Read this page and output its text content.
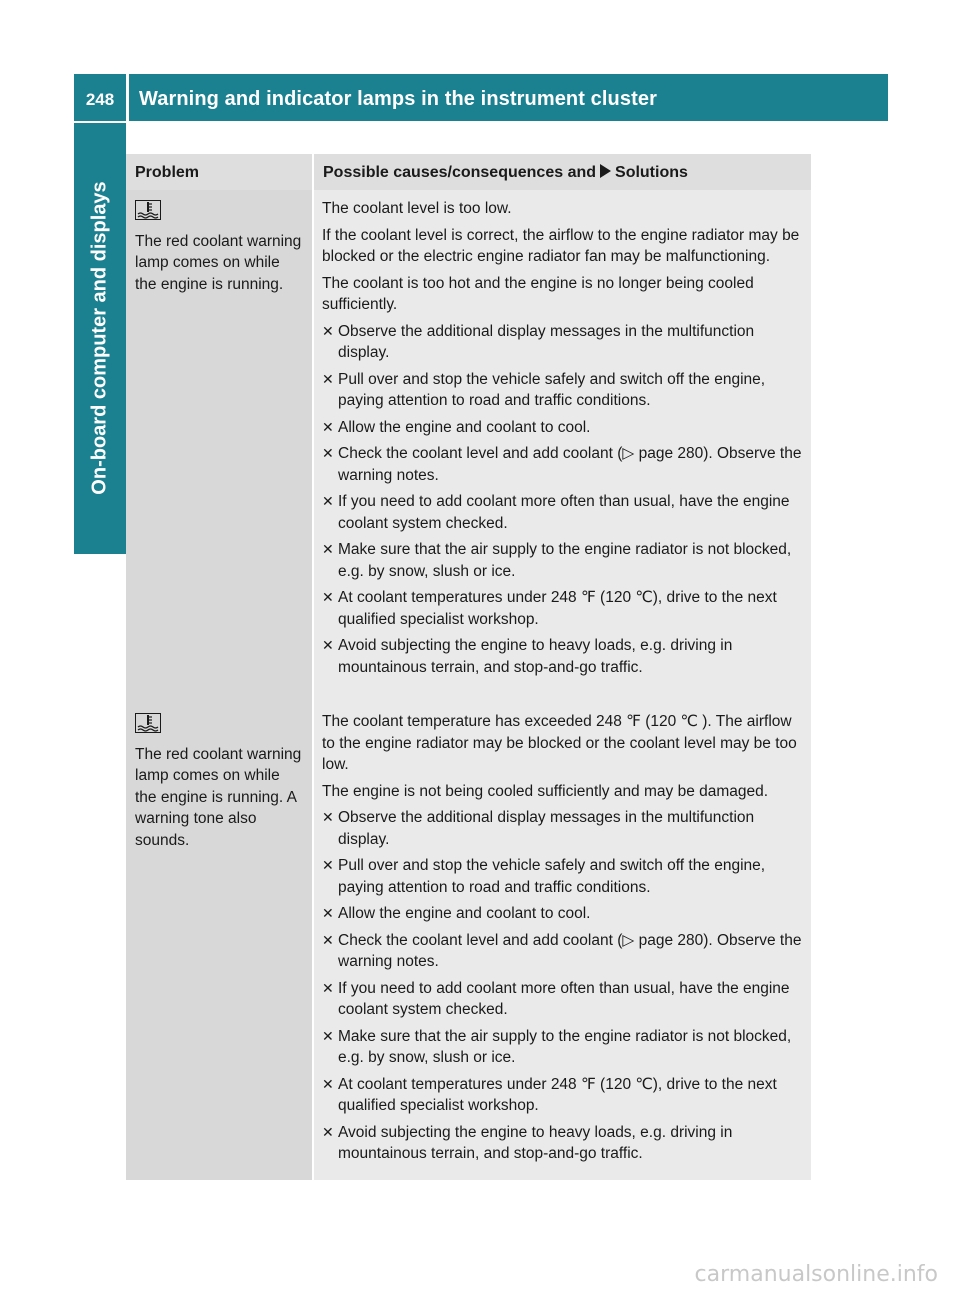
248	Warning and indicator lamps in the instrument cluster
On-board computer and displays
Problem	Possible causes/consequences and Solutions
The red coolant warning lamp comes on while the engine is running.
The coolant level is too low.
If the coolant level is correct, the airflow to the engine radiator may be blocked or the electric engine radiator fan may be malfunctioning.
The coolant is too hot and the engine is no longer being cooled sufficiently.
✕ Observe the additional display messages in the multifunction display.
✕ Pull over and stop the vehicle safely and switch off the engine, paying attention to road and traffic conditions.
✕ Allow the engine and coolant to cool.
✕ Check the coolant level and add coolant (▷ page 280). Observe the warning notes.
✕ If you need to add coolant more often than usual, have the engine coolant system checked.
✕ Make sure that the air supply to the engine radiator is not blocked, e.g. by snow, slush or ice.
✕ At coolant temperatures under 248 ℉ (120 ℃), drive to the next qualified specialist workshop.
✕ Avoid subjecting the engine to heavy loads, e.g. driving in mountainous terrain, and stop-and-go traffic.
The red coolant warning lamp comes on while the engine is running. A warning tone also sounds.
The coolant temperature has exceeded 248 ℉ (120 ℃ ). The airflow to the engine radiator may be blocked or the coolant level may be too low.
The engine is not being cooled sufficiently and may be damaged.
✕ Observe the additional display messages in the multifunction display.
✕ Pull over and stop the vehicle safely and switch off the engine, paying attention to road and traffic conditions.
✕ Allow the engine and coolant to cool.
✕ Check the coolant level and add coolant (▷ page 280). Observe the warning notes.
✕ If you need to add coolant more often than usual, have the engine coolant system checked.
✕ Make sure that the air supply to the engine radiator is not blocked, e.g. by snow, slush or ice.
✕ At coolant temperatures under 248 ℉ (120 ℃), drive to the next qualified specialist workshop.
✕ Avoid subjecting the engine to heavy loads, e.g. driving in mountainous terrain, and stop-and-go traffic.
carmanualsonline.info
